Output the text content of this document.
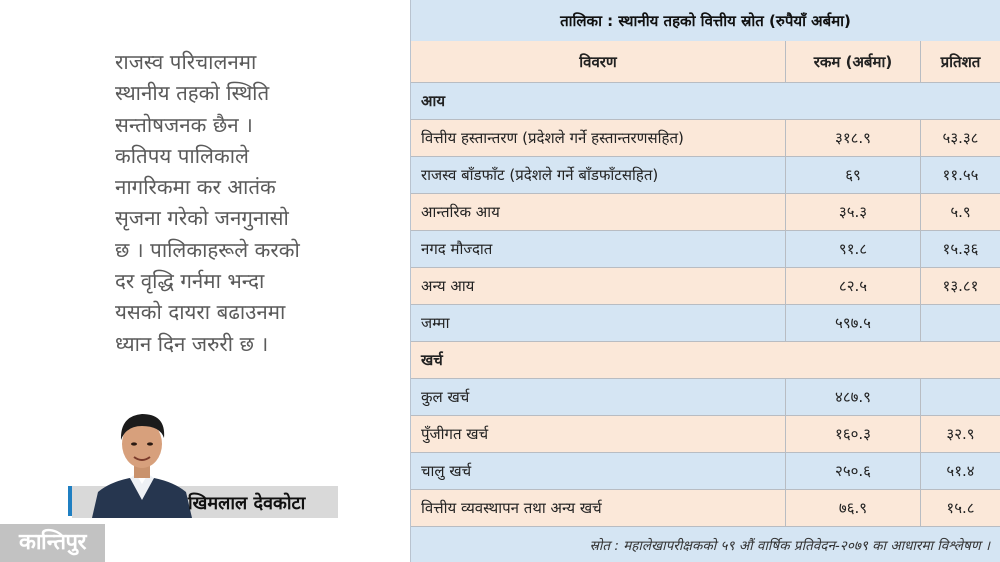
राजस्व परिचालनमा
स्थानीय तहको स्थिति
सन्तोषजनक छैन ।
कतिपय पालिकाले
नागरिकमा कर आतंक
सृजना गरेको जनगुनासो
छ । पालिकाहरूले करको
दर वृद्धि गर्नमा भन्दा
यसको दायरा बढाउनमा
ध्यान दिन जरुरी छ ।
खिमलाल देवकोटा
कान्तिपुर
तालिका : स्थानीय तहको वित्तीय स्रोत (रुपैयाँ अर्बमा)
विवरण	रकम (अर्बमा)	प्रतिशत
आय
वित्तीय हस्तान्तरण (प्रदेशले गर्ने हस्तान्तरणसहित)	३१८.९	५३.३८
राजस्व बाँडफाँट (प्रदेशले गर्ने बाँडफाँटसहित)	६९	११.५५
आन्तरिक आय	३५.३	५.९
नगद मौज्दात	९१.८	१५.३६
अन्य आय	८२.५	१३.८१
जम्मा	५९७.५
खर्च
कुल खर्च	४८७.९
पुँजीगत खर्च	१६०.३	३२.९
चालु खर्च	२५०.६	५१.४
वित्तीय व्यवस्थापन तथा अन्य खर्च	७६.९	१५.८
स्रोत : महालेखापरीक्षकको ५९ औं वार्षिक प्रतिवेदन-२०७९ का आधारमा विश्लेषण ।
